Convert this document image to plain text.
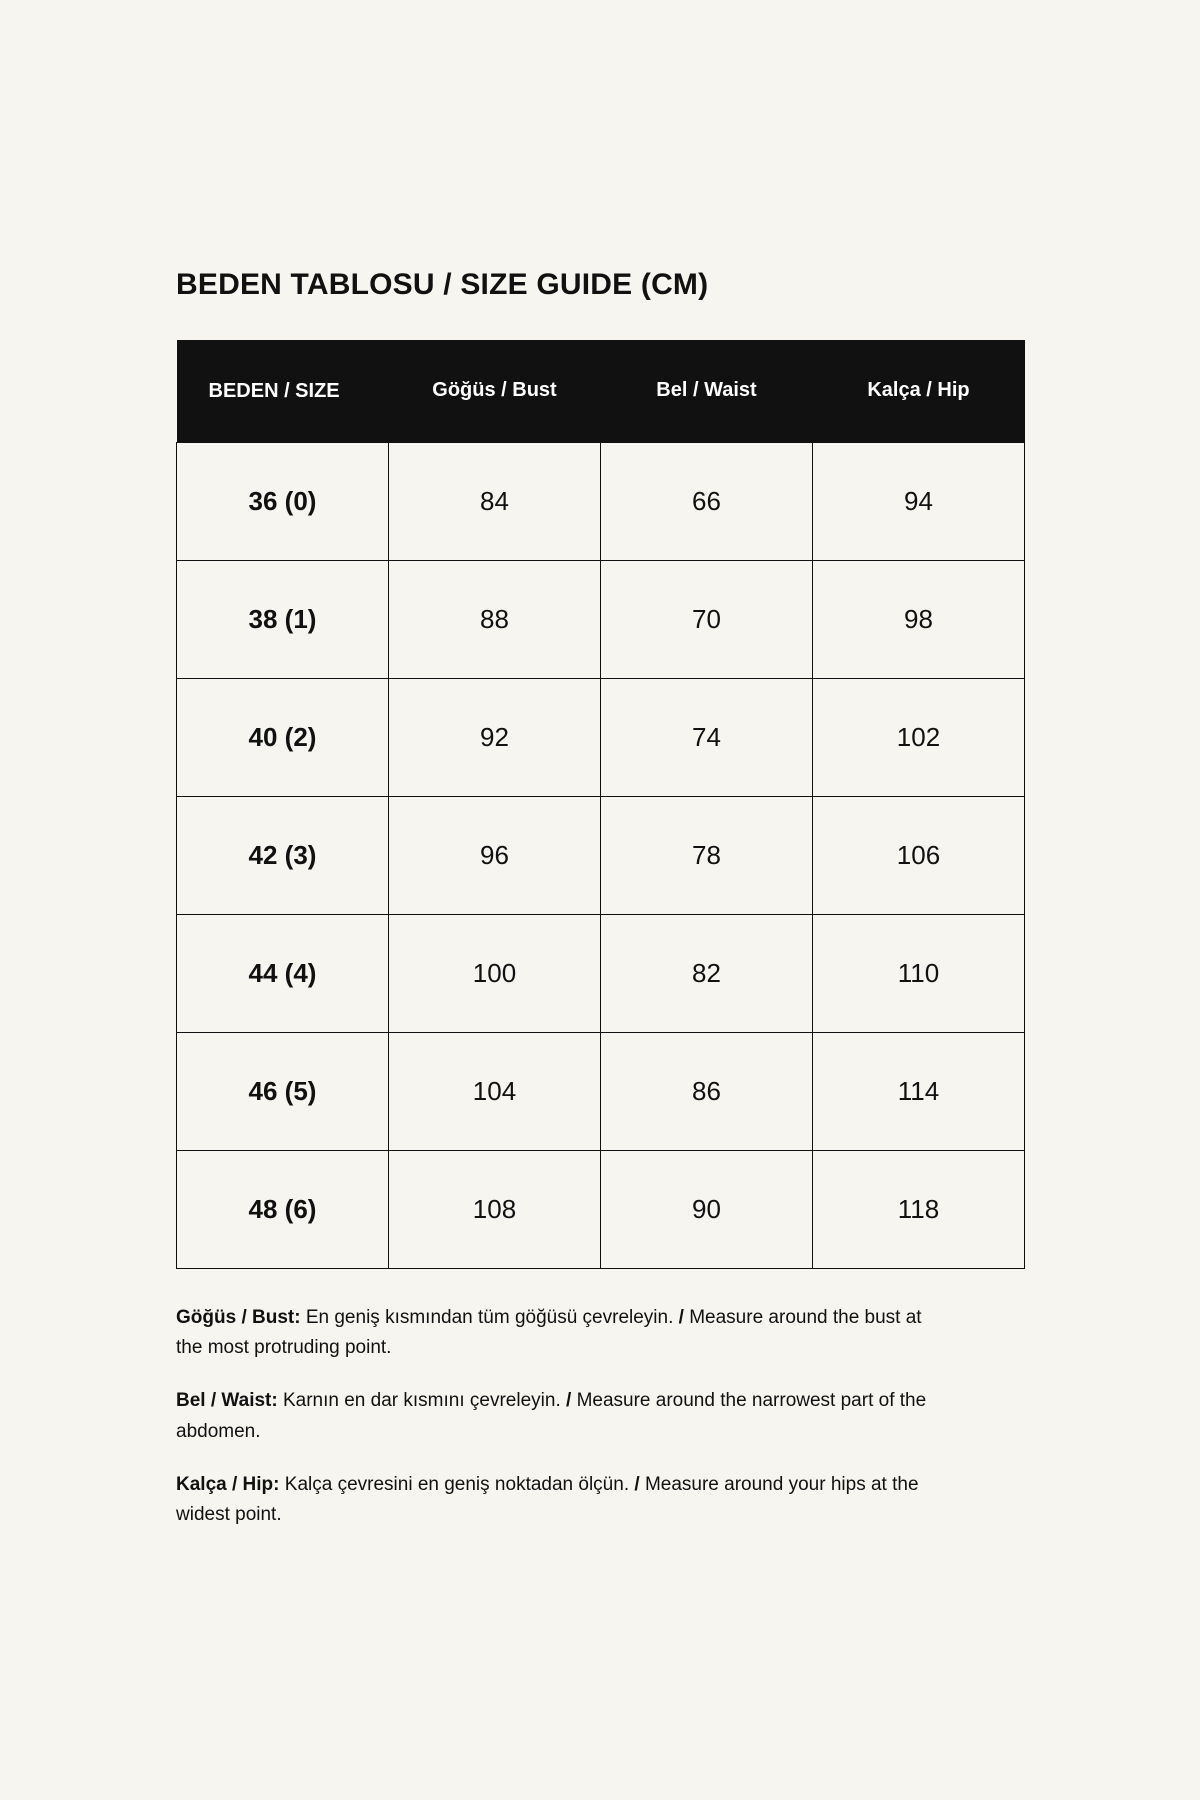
BEDEN TABLOSU / SIZE GUIDE (CM)
BEDEN / SIZE	Göğüs / Bust	Bel / Waist	Kalça / Hip
36 (0)	84	66	94
38 (1)	88	70	98
40 (2)	92	74	102
42 (3)	96	78	106
44 (4)	100	82	110
46 (5)	104	86	114
48 (6)	108	90	118

Göğüs / Bust: En geniş kısmından tüm göğüsü çevreleyin. / Measure around the bust at the most protruding point.

Bel / Waist: Karnın en dar kısmını çevreleyin. / Measure around the narrowest part of the abdomen.

Kalça / Hip: Kalça çevresini en geniş noktadan ölçün. / Measure around your hips at the widest point.
